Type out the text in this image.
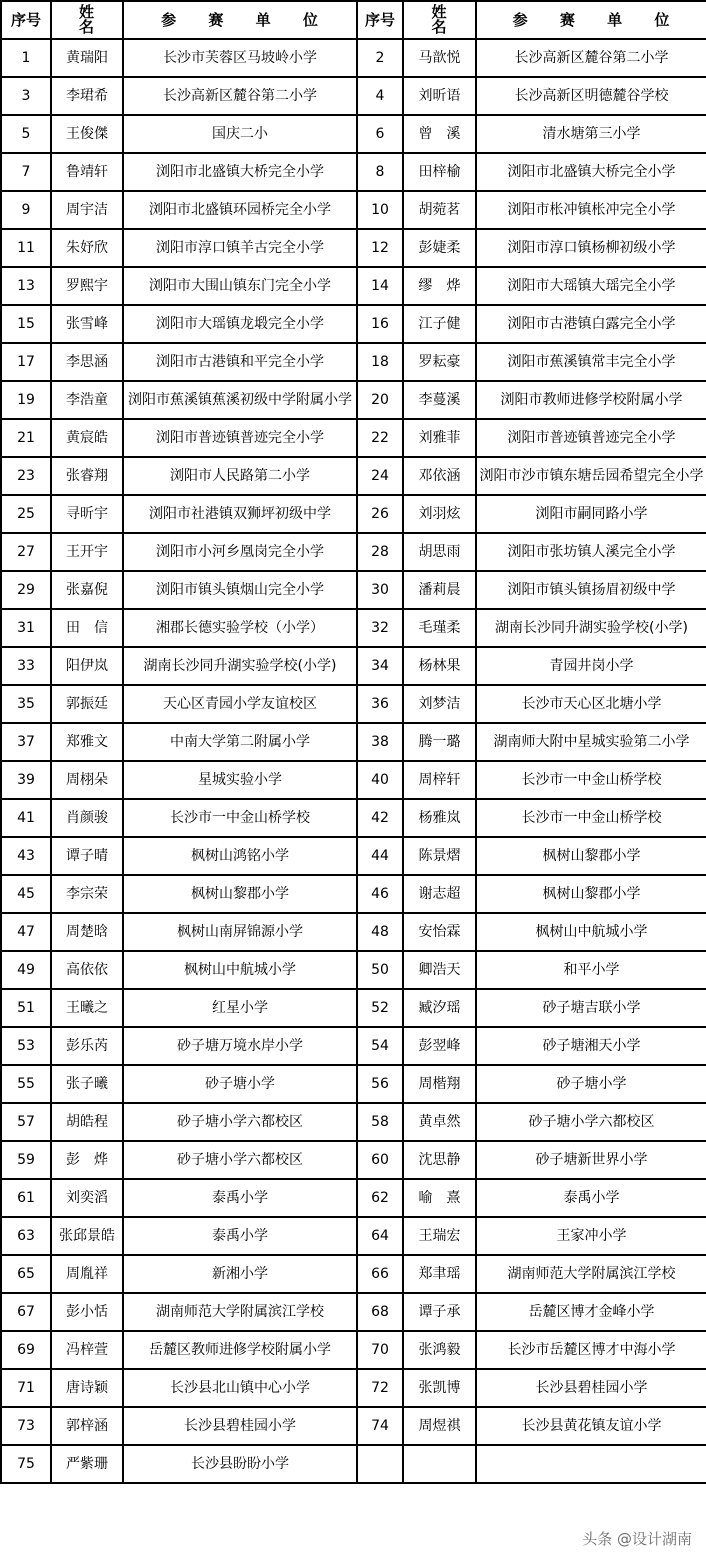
序号	姓 名	参 赛 单 位	序号	姓 名	参 赛 单 位
1	黄瑞阳	长沙市芙蓉区马坡岭小学	2	马歆悦	长沙高新区麓谷第二小学
3	李珺希	长沙高新区麓谷第二小学	4	刘昕语	长沙高新区明德麓谷学校
5	王俊傑	国庆二小	6	曾　溪	清水塘第三小学
7	鲁靖轩	浏阳市北盛镇大桥完全小学	8	田梓榆	浏阳市北盛镇大桥完全小学
9	周宇洁	浏阳市北盛镇环园桥完全小学	10	胡菀茗	浏阳市枨冲镇枨冲完全小学
11	朱妤欣	浏阳市淳口镇羊古完全小学	12	彭婕柔	浏阳市淳口镇杨柳初级小学
13	罗熙宇	浏阳市大围山镇东门完全小学	14	缪　烨	浏阳市大瑶镇大瑶完全小学
15	张雪峰	浏阳市大瑶镇龙塅完全小学	16	江子健	浏阳市古港镇白露完全小学
17	李思涵	浏阳市古港镇和平完全小学	18	罗耘豪	浏阳市蕉溪镇常丰完全小学
19	李浩童	浏阳市蕉溪镇蕉溪初级中学附属小学	20	李蔓溪	浏阳市教师进修学校附属小学
21	黄宸皓	浏阳市普迹镇普迹完全小学	22	刘雅菲	浏阳市普迹镇普迹完全小学
23	张睿翔	浏阳市人民路第二小学	24	邓依涵	浏阳市沙市镇东塘岳园希望完全小学
25	寻昕宇	浏阳市社港镇双狮坪初级中学	26	刘羽炫	浏阳市嗣同路小学
27	王开宇	浏阳市小河乡凰岗完全小学	28	胡思雨	浏阳市张坊镇人溪完全小学
29	张嘉倪	浏阳市镇头镇烟山完全小学	30	潘莉晨	浏阳市镇头镇扬眉初级中学
31	田　信	湘郡长德实验学校（小学）	32	毛瑾柔	湖南长沙同升湖实验学校(小学)
33	阳伊岚	湖南长沙同升湖实验学校(小学)	34	杨林果	青园井岗小学
35	郭振廷	天心区青园小学友谊校区	36	刘梦洁	长沙市天心区北塘小学
37	郑雅文	中南大学第二附属小学	38	腾一璐	湖南师大附中星城实验第二小学
39	周栩朵	星城实验小学	40	周梓轩	长沙市一中金山桥学校
41	肖颜骏	长沙市一中金山桥学校	42	杨雅岚	长沙市一中金山桥学校
43	谭子晴	枫树山鸿铭小学	44	陈景熠	枫树山黎郡小学
45	李宗荣	枫树山黎郡小学	46	谢志超	枫树山黎郡小学
47	周楚晗	枫树山南屏锦源小学	48	安怡霖	枫树山中航城小学
49	高依依	枫树山中航城小学	50	卿浩天	和平小学
51	王曦之	红星小学	52	臧汐瑶	砂子塘吉联小学
53	彭乐芮	砂子塘万境水岸小学	54	彭翌峰	砂子塘湘天小学
55	张子曦	砂子塘小学	56	周楷翔	砂子塘小学
57	胡皓程	砂子塘小学六都校区	58	黄卓然	砂子塘小学六都校区
59	彭　烨	砂子塘小学六都校区	60	沈思静	砂子塘新世界小学
61	刘奕滔	泰禹小学	62	喻　熹	泰禹小学
63	张邱景皓	泰禹小学	64	王瑞宏	王家冲小学
65	周胤祥	新湘小学	66	郑聿瑶	湖南师范大学附属滨江学校
67	彭小恬	湖南师范大学附属滨江学校	68	谭子承	岳麓区博才金峰小学
69	冯梓萱	岳麓区教师进修学校附属小学	70	张鸿毅	长沙市岳麓区博才中海小学
71	唐诗颖	长沙县北山镇中心小学	72	张凯博	长沙县碧桂园小学
73	郭梓涵	长沙县碧桂园小学	74	周煜祺	长沙县黄花镇友谊小学
75	严紫珊	长沙县盼盼小学			
头条 @设计湖南
